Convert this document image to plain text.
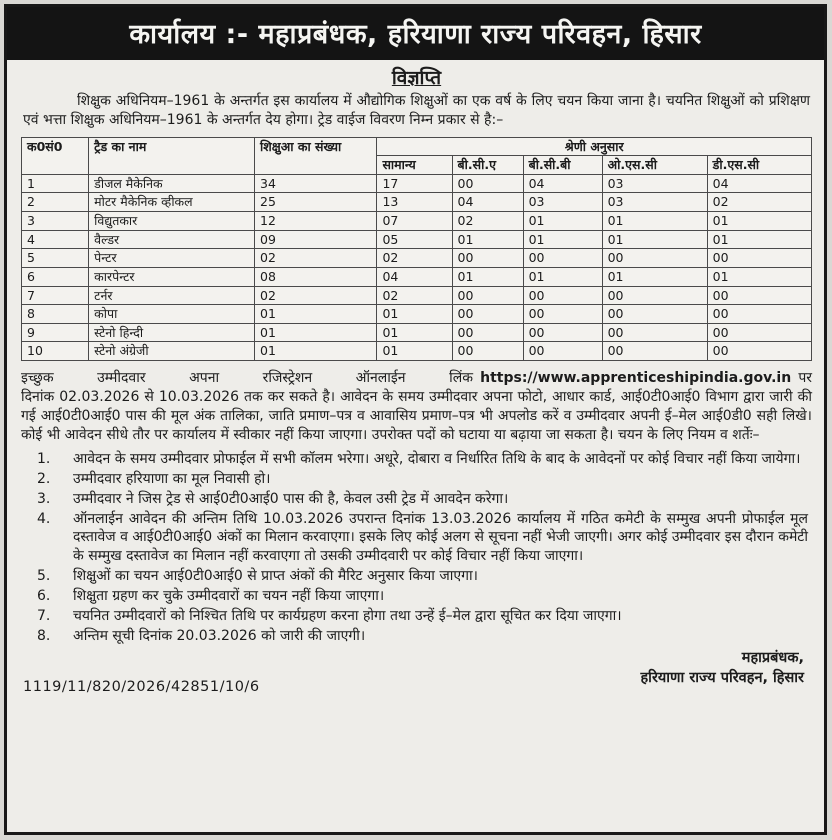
कार्यालय :- महाप्रबंधक, हरियाणा राज्य परिवहन, हिसार
विज्ञप्ति

शिक्षुक अधिनियम–1961 के अन्तर्गत इस कार्यालय में औद्योगिक शिक्षुओं का एक वर्ष के लिए चयन किया जाना है। चयनित शिक्षुओं को प्रशिक्षण एवं भत्ता शिक्षुक अधिनियम–1961 के अन्तर्गत देय होगा। ट्रेड वाईज विवरण निम्न प्रकार से है:–

क0सं0	ट्रैड का नाम	शिक्षुआ का संख्या	श्रेणी अनुसार				
			सामान्य	बी.सी.ए	बी.सी.बी	ओ.एस.सी	डी.एस.सी
1	डीजल मैकेनिक	34	17	00	04	03	04
2	मोटर मैकेनिक व्हीकल	25	13	04	03	03	02
3	विद्युतकार	12	07	02	01	01	01
4	वैल्डर	09	05	01	01	01	01
5	पेन्टर	02	02	00	00	00	00
6	कारपेन्टर	08	04	01	01	01	01
7	टर्नर	02	02	00	00	00	00
8	कोपा	01	01	00	00	00	00
9	स्टेनो हिन्दी	01	01	00	00	00	00
10	स्टेनो अंग्रेजी	01	01	00	00	00	00

इच्छुक उम्मीदवार अपना रजिस्ट्रेशन ऑनलाईन लिंक https://www.apprenticeshipindia.gov.in पर दिनांक 02.03.2026 से 10.03.2026 तक कर सकते है। आवेदन के समय उम्मीदवार अपना फोटो, आधार कार्ड, आई0टी0आई0 विभाग द्वारा जारी की गई आई0टी0आई0 पास की मूल अंक तालिका, जाति प्रमाण–पत्र व आवासिय प्रमाण–पत्र भी अपलोड करें व उम्मीदवार अपनी ई–मेल आई0डी0 सही लिखे। कोई भी आवेदन सीधे तौर पर कार्यालय में स्वीकार नहीं किया जाएगा। उपरोक्त पदों को घटाया या बढ़ाया जा सकता है। चयन के लिए नियम व शर्तेः–

1.	आवेदन के समय उम्मीदवार प्रोफाईल में सभी कॉलम भरेगा। अधूरे, दोबारा व निर्धारित तिथि के बाद के आवेदनों पर कोई विचार नहीं किया जायेगा।
2.	उम्मीदवार हरियाणा का मूल निवासी हो।
3.	उम्मीदवार ने जिस ट्रेड से आई0टी0आई0 पास की है, केवल उसी ट्रेड में आवदेन करेगा।
4.	ऑनलाईन आवेदन की अन्तिम तिथि 10.03.2026 उपरान्त दिनांक 13.03.2026 कार्यालय में गठित कमेटी के सम्मुख अपनी प्रोफाईल मूल दस्तावेज व आई0टी0आई0 अंकों का मिलान करवाएगा। इसके लिए कोई अलग से सूचना नहीं भेजी जाएगी। अगर कोई उम्मीदवार इस दौरान कमेटी के सम्मुख दस्तावेज का मिलान नहीं करवाएगा तो उसकी उम्मीदवारी पर कोई विचार नहीं किया जाएगा।
5.	शिक्षुओं का चयन आई0टी0आई0 से प्राप्त अंकों की मैरिट अनुसार किया जाएगा।
6.	शिक्षुता ग्रहण कर चुके उम्मीदवारों का चयन नहीं किया जाएगा।
7.	चयनित उम्मीदवारों को निश्चित तिथि पर कार्यग्रहण करना होगा तथा उन्हें ई–मेल द्वारा सूचित कर दिया जाएगा।
8.	अन्तिम सूची दिनांक 20.03.2026 को जारी की जाएगी।
1119/11/820/2026/42851/10/6
महाप्रबंधक,
हरियाणा राज्य परिवहन, हिसार
